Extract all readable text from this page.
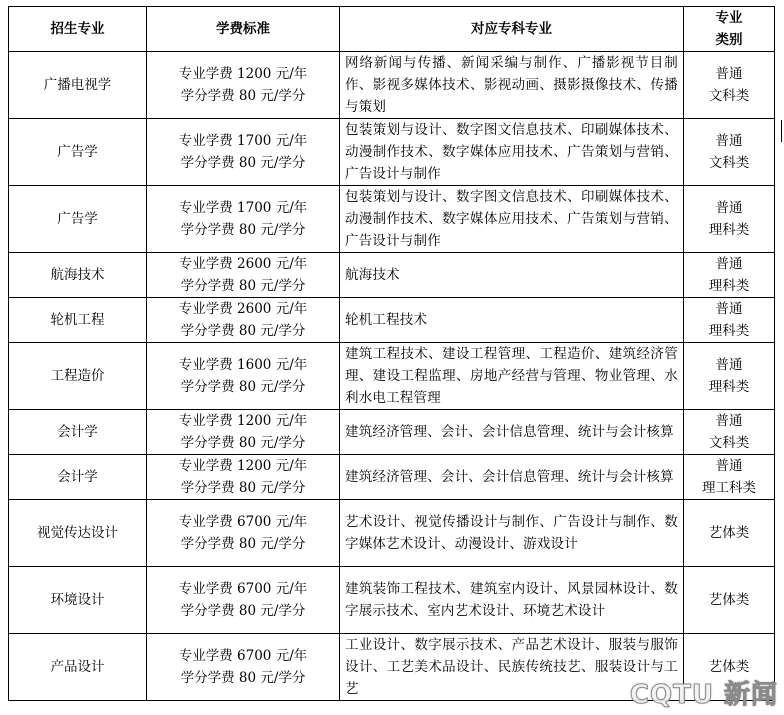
招生专业	学费标准	对应专科专业	专业
类别

广播电视学	专业学费 1200 元/年
学分学费 80 元/学分	网络新闻与传播、新闻采编与制作、广播影视节目制作、影视多媒体技术、影视动画、摄影摄像技术、传播与策划	普通
文科类

广告学	专业学费 1700 元/年
学分学费 80 元/学分	包装策划与设计、数字图文信息技术、印刷媒体技术、动漫制作技术、数字媒体应用技术、广告策划与营销、广告设计与制作	普通
文科类

广告学	专业学费 1700 元/年
学分学费 80 元/学分	包装策划与设计、数字图文信息技术、印刷媒体技术、动漫制作技术、数字媒体应用技术、广告策划与营销、广告设计与制作	普通
理科类

航海技术	专业学费 2600 元/年
学分学费 80 元/学分	航海技术	普通
理科类

轮机工程	专业学费 2600 元/年
学分学费 80 元/学分	轮机工程技术	普通
理科类

工程造价	专业学费 1600 元/年
学分学费 80 元/学分	建筑工程技术、建设工程管理、工程造价、建筑经济管理、建设工程监理、房地产经营与管理、物业管理、水利水电工程管理	普通
理科类

会计学	专业学费 1200 元/年
学分学费 80 元/学分	建筑经济管理、会计、会计信息管理、统计与会计核算	普通
文科类

会计学	专业学费 1200 元/年
学分学费 80 元/学分	建筑经济管理、会计、会计信息管理、统计与会计核算	普通
理工科类

视觉传达设计	专业学费 6700 元/年
学分学费 80 元/学分	艺术设计、视觉传播设计与制作、广告设计与制作、数字媒体艺术设计、动漫设计、游戏设计	艺体类

环境设计	专业学费 6700 元/年
学分学费 80 元/学分	建筑装饰工程技术、建筑室内设计、风景园林设计、数字展示技术、室内艺术设计、环境艺术设计	艺体类

产品设计	专业学费 6700 元/年
学分学费 80 元/学分	工业设计、数字展示技术、产品艺术设计、服装与服饰设计、工艺美术品设计、民族传统技艺、服装设计与工艺	艺体类
CQTU 新闻
